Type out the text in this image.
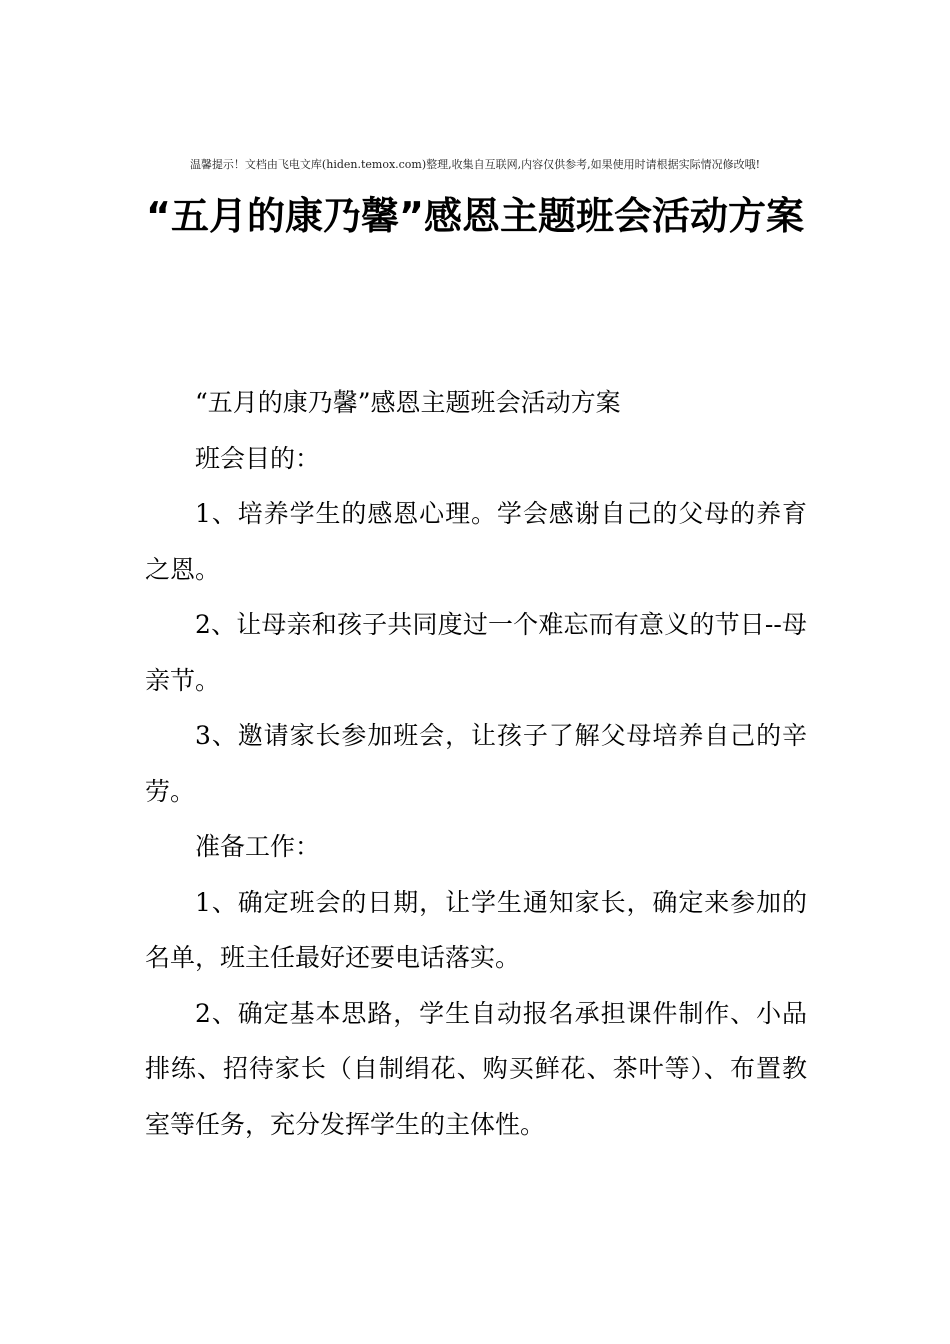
温馨提示！文档由飞电文库(hiden.temox.com)整理,收集自互联网,内容仅供参考,如果使用时请根据实际情况修改哦!
“五月的康乃馨”感恩主题班会活动方案

“五月的康乃馨”感恩主题班会活动方案

班会目的：

1、培养学生的感恩心理。学会感谢自己的父母的养育之恩。

2、让母亲和孩子共同度过一个难忘而有意义的节日--母亲节。

3、邀请家长参加班会，让孩子了解父母培养自己的辛劳。

准备工作：

1、确定班会的日期，让学生通知家长，确定来参加的名单，班主任最好还要电话落实。

2、确定基本思路，学生自动报名承担课件制作、小品排练、招待家长（自制绢花、购买鲜花、茶叶等）、布置教室等任务，充分发挥学生的主体性。
